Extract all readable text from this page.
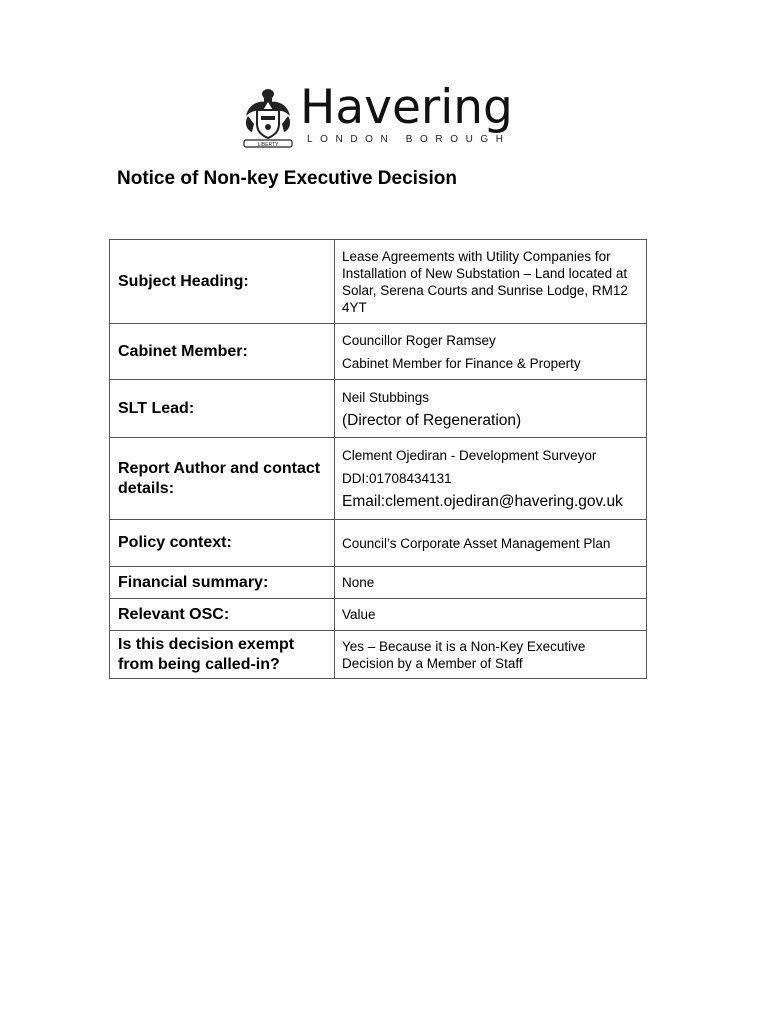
LIBERTY
Havering
LONDON BOROUGH
Notice of Non-key Executive Decision
Subject Heading:	Lease Agreements with Utility Companies for Installation of New Substation – Land located at Solar, Serena Courts and Sunrise Lodge, RM12 4YT

Cabinet Member:	Councillor Roger Ramsey
Cabinet Member for Finance & Property

SLT Lead:	Neil Stubbings
(Director of Regeneration)

Report Author and contact details:	Clement Ojediran - Development Surveyor
DDI:01708434131
Email:clement.ojediran@havering.gov.uk

Policy context:	Council’s Corporate Asset Management Plan

Financial summary:	None

Relevant OSC:	Value

Is this decision exempt from being called-in?	Yes – Because it is a Non-Key Executive Decision by a Member of Staff
